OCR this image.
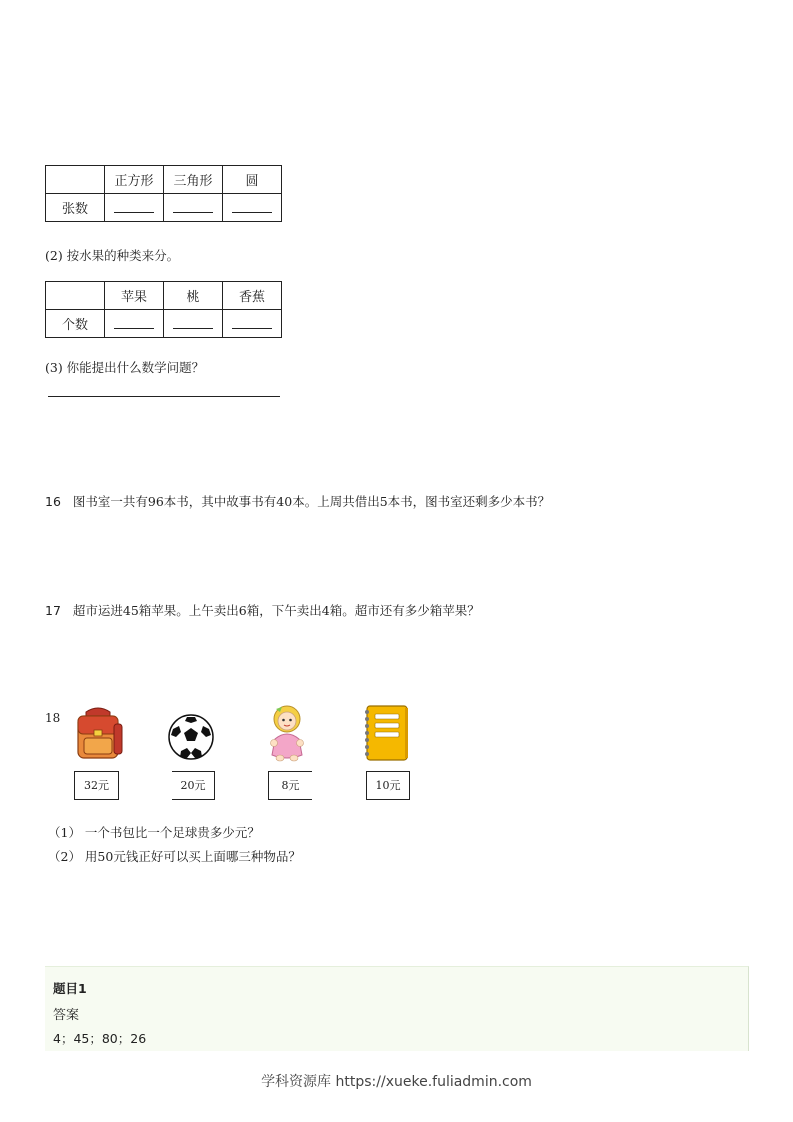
	正方形	三角形	圆
张数			
(2) 按水果的种类来分。
	苹果	桃	香蕉
个数			
(3) 你能提出什么数学问题？
16 图书室一共有96本书，其中故事书有40本。上周共借出5本书，图书室还剩多少本书？
17 超市运进45箱苹果。上午卖出6箱，下午卖出4箱。超市还有多少箱苹果？
18
32元	20元	8元	10元
（1） 一个书包比一个足球贵多少元？
（2） 用50元钱正好可以买上面哪三种物品？
题目1
答案
4；45；80；26
学科资源库 https://xueke.fuliadmin.com
